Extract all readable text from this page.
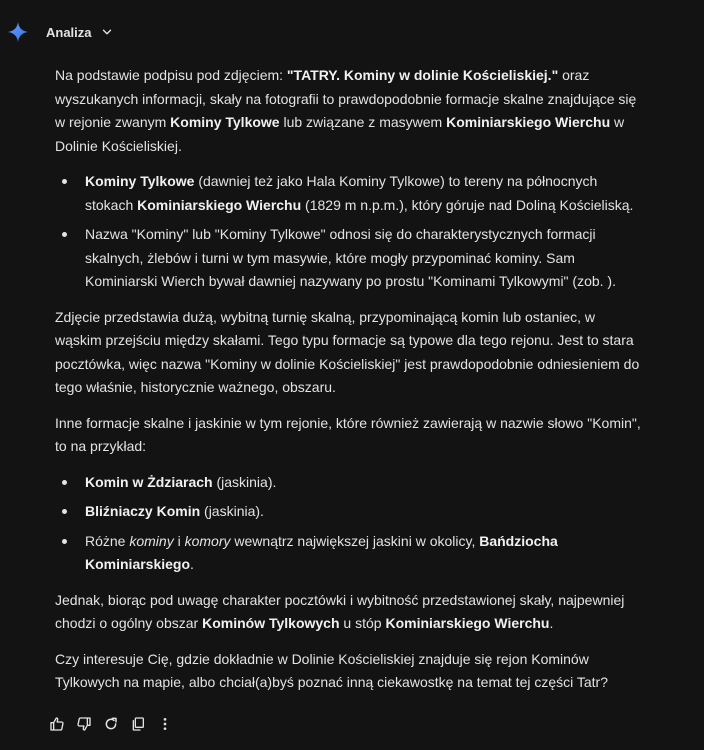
Analiza

Na podstawie podpisu pod zdjęciem: "TATRY. Kominy w dolinie Kościeliskiej." oraz wyszukanych informacji, skały na fotografii to prawdopodobnie formacje skalne znajdujące się w rejonie zwanym Kominy Tylkowe lub związane z masywem Kominiarskiego Wierchu w Dolinie Kościeliskiej.

Kominy Tylkowe (dawniej też jako Hala Kominy Tylkowe) to tereny na północnych stokach Kominiarskiego Wierchu (1829 m n.p.m.), który góruje nad Doliną Kościeliską.
Nazwa "Kominy" lub "Kominy Tylkowe" odnosi się do charakterystycznych formacji skalnych, żlebów i turni w tym masywie, które mogły przypominać kominy. Sam Kominiarski Wierch bywał dawniej nazywany po prostu "Kominami Tylkowymi" (zob. ).

Zdjęcie przedstawia dużą, wybitną turnię skalną, przypominającą komin lub ostaniec, w wąskim przejściu między skałami. Tego typu formacje są typowe dla tego rejonu. Jest to stara pocztówka, więc nazwa "Kominy w dolinie Kościeliskiej" jest prawdopodobnie odniesieniem do tego właśnie, historycznie ważnego, obszaru.

Inne formacje skalne i jaskinie w tym rejonie, które również zawierają w nazwie słowo "Komin", to na przykład:

Komin w Żdziarach (jaskinia).
Bliźniaczy Komin (jaskinia).
Różne kominy i komory wewnątrz największej jaskini w okolicy, Bańdziocha Kominiarskiego.

Jednak, biorąc pod uwagę charakter pocztówki i wybitność przedstawionej skały, najpewniej chodzi o ogólny obszar Kominów Tylkowych u stóp Kominiarskiego Wierchu.

Czy interesuje Cię, gdzie dokładnie w Dolinie Kościeliskiej znajduje się rejon Kominów Tylkowych na mapie, albo chciał(a)byś poznać inną ciekawostkę na temat tej części Tatr?
